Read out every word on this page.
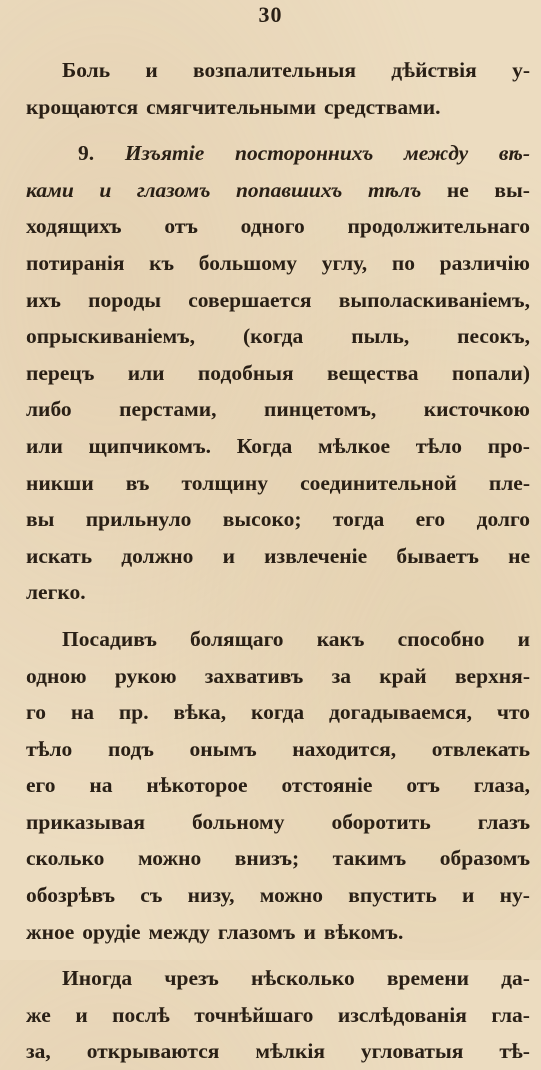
30
Боль и возпалительныя дѣйствія у-
крощаются смягчительными средствами.
9. Изъятіе постороннихъ между вѣ-
ками и глазомъ попавшихъ тѣлъ не вы-
ходящихъ отъ одного продолжительнаго
потиранія къ большому углу, по различію
ихъ породы совершается выполаскиваніемъ,
опрыскиваніемъ, (когда пыль, песокъ,
перецъ или подобныя вещества попали)
либо перстами, пинцетомъ, кисточкою
или щипчикомъ. Когда мѣлкое тѣло про-
никши въ толщину соединительной пле-
вы прильнуло высоко; тогда его долго
искать должно и извлеченіе бываетъ не
легко.
Посадивъ болящаго какъ способно и
одною рукою захвативъ за край верхня-
го на пр. вѣка, когда догадываемся, что
тѣло подъ онымъ находится, отвлекать
его на нѣкоторое отстояніе отъ глаза,
приказывая больному оборотить глазъ
сколько можно внизъ; такимъ образомъ
обозрѣвъ съ низу, можно впустить и ну-
жное орудіе между глазомъ и вѣкомъ.
Иногда чрезъ нѣсколько времени да-
же и послѣ точнѣйшаго изслѣдованія гла-
за, открываются мѣлкія угловатыя тѣ-
